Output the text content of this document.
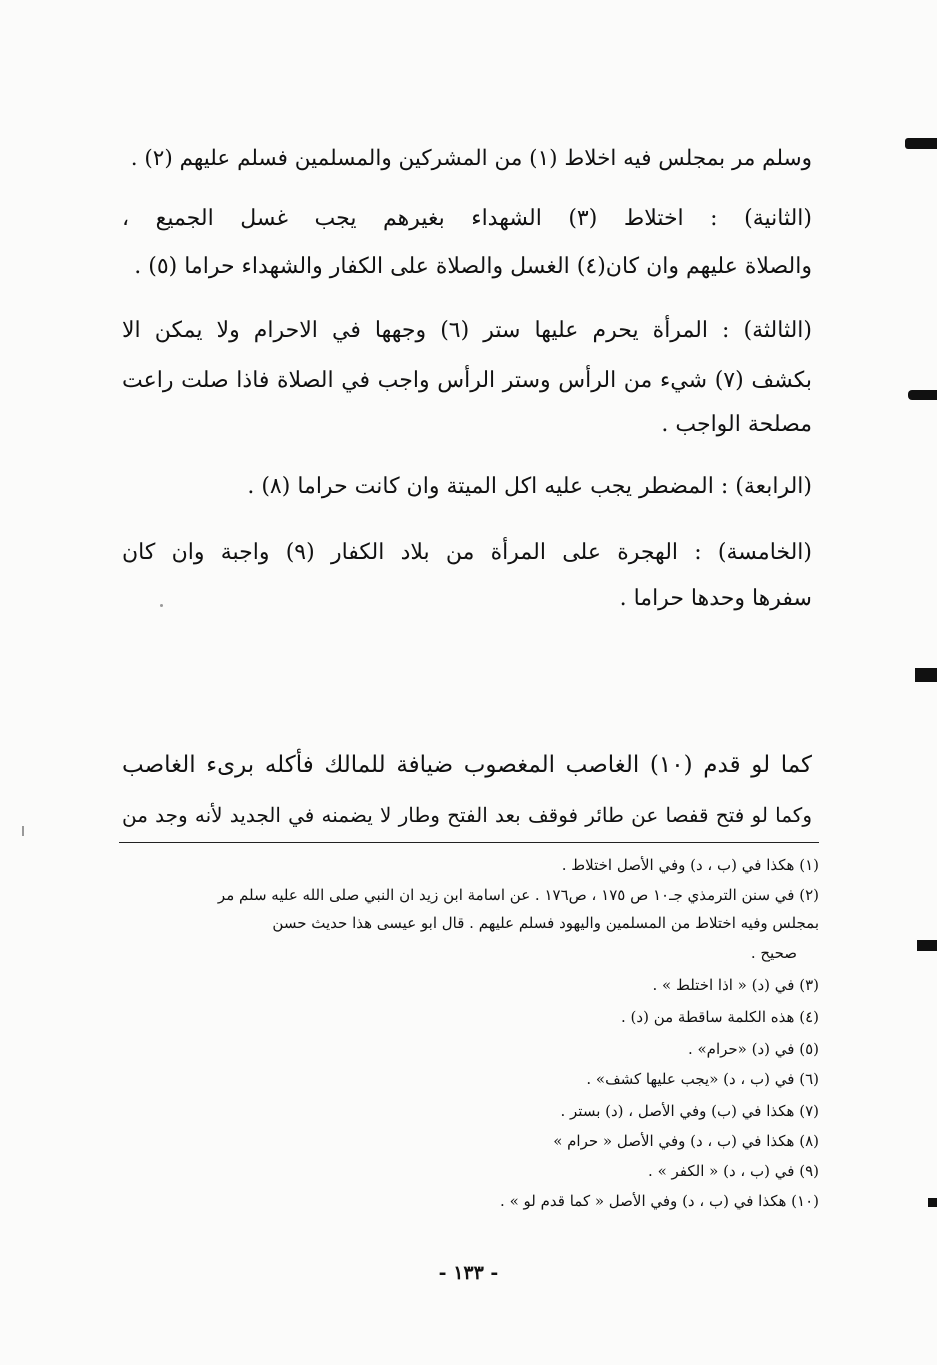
وسلم مر بمجلس فيه اخلاط (١) من المشركين والمسلمين فسلم عليهم (٢) .
(الثانية) : اختلاط (٣) الشهداء بغيرهم يجب غسل الجميع ،
والصلاة عليهم وان كان(٤) الغسل والصلاة على الكفار والشهداء حراما (٥) .
(الثالثة) : المرأة يحرم عليها ستر (٦) وجهها في الاحرام ولا يمكن الا
بكشف (٧) شيء من الرأس وستر الرأس واجب في الصلاة فاذا صلت راعت
مصلحة الواجب .
(الرابعة) : المضطر يجب عليه اكل الميتة وان كانت حراما (٨) .
(الخامسة) : الهجرة على المرأة من بلاد الكفار (٩) واجبة وان كان
سفرها وحدها حراما .
كما لو قدم (١٠) الغاصب المغصوب ضيافة للمالك فأكله برىء الغاصب
وكما لو فتح قفصا عن طائر فوقف بعد الفتح وطار لا يضمنه في الجديد لأنه وجد من
(١) هكذا في (ب ، د) وفي الأصل اختلاط .
(٢) في سنن الترمذي جـ١٠ ص ١٧٥ ، ص١٧٦ . عن اسامة ابن زيد ان النبي صلى الله عليه سلم مر
بمجلس وفيه اختلاط من المسلمين واليهود فسلم عليهم . قال ابو عيسى هذا حديث حسن
صحيح .
(٣) في (د) « اذا اختلط » .
(٤) هذه الكلمة ساقطة من (د) .
(٥) في (د) «حرام» .
(٦) في (ب ، د) «يجب عليها كشف» .
(٧) هكذا في (ب) وفي الأصل ، (د) بستر .
(٨) هكذا في (ب ، د) وفي الأصل « حرام »
(٩) في (ب ، د) « الكفر » .
(١٠) هكذا في (ب ، د) وفي الأصل « كما قدم لو » .
- ١٣٣ -
